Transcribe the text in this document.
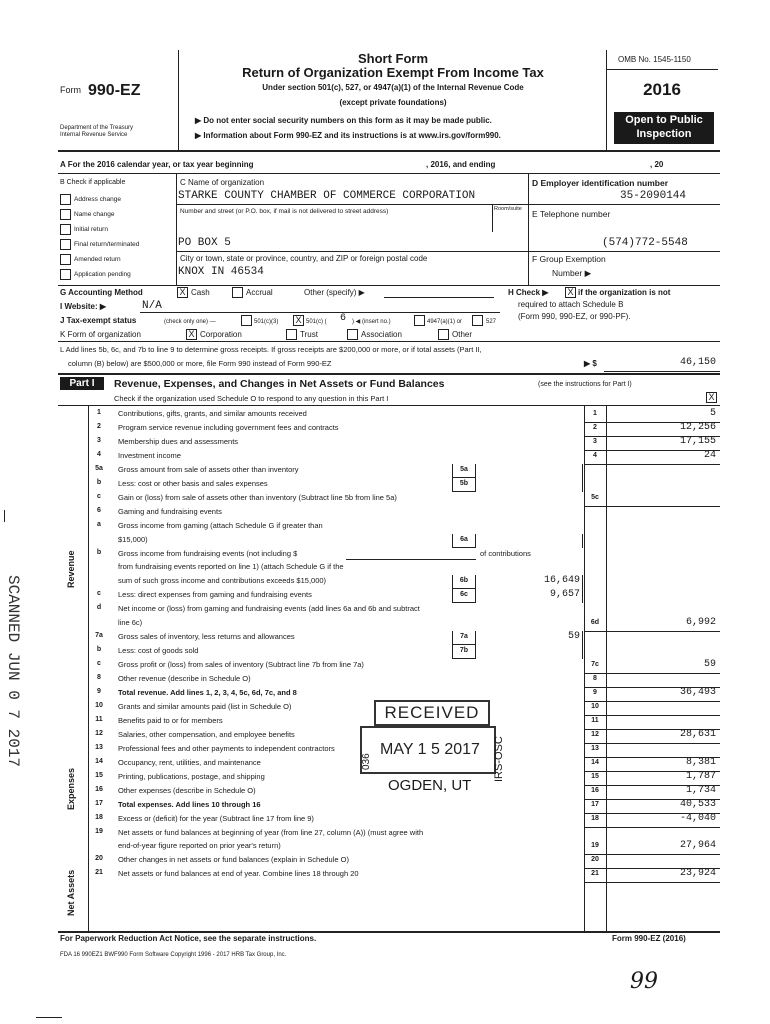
Form 990-EZ
Department of the Treasury
Internal Revenue Service
Short Form
Return of Organization Exempt From Income Tax
Under section 501(c), 527, or 4947(a)(1) of the Internal Revenue Code
(except private foundations)
▶ Do not enter social security numbers on this form as it may be made public.
▶ Information about Form 990-EZ and its instructions is at www.irs.gov/form990.
OMB No. 1545-1150
2016
Open to Public
Inspection
A For the 2016 calendar year, or tax year beginning	, 2016, and ending	, 20
B Check if applicable
Address change
Name change
Initial return
Final return/terminated
Amended return
Application pending
C Name of organization
STARKE COUNTY CHAMBER OF COMMERCE CORPORATION
Number and street (or P.O. box, if mail is not delivered to street address)	Room/suite
PO BOX 5
City or town, state or province, country, and ZIP or foreign postal code
KNOX IN 46534
D Employer identification number
35-2090144
E Telephone number
(574)772-5548
F Group Exemption
Number ▶
G Accounting Method	X Cash	Accrual	Other (specify) ▶	H Check ▶ X if the organization is not
required to attach Schedule B
(Form 990, 990-EZ, or 990-PF).
I Website: ▶	N/A
J Tax-exempt status	(check only one) —	501(c)(3) X 501(c) ( 6 ) ◀ (insert no.)	4947(a)(1) or	527
K Form of organization	X Corporation	Trust	Association	Other
L Add lines 5b, 6c, and 7b to line 9 to determine gross receipts. If gross receipts are $200,000 or more, or if total assets (Part II,
column (B) below) are $500,000 or more, file Form 990 instead of Form 990-EZ	▶ $	46,150
Part I	Revenue, Expenses, and Changes in Net Assets or Fund Balances	(see the instructions for Part I)
Check if the organization used Schedule O to respond to any question in this Part I	X
Revenue
Expenses
Net Assets
1	Contributions, gifts, grants, and similar amounts received	1	5
2	Program service revenue including government fees and contracts	2	12,256
3	Membership dues and assessments	3	17,155
4	Investment income	4	24
5a	Gross amount from sale of assets other than inventory	5a
b	Less: cost or other basis and sales expenses	5b
c	Gain or (loss) from sale of assets other than inventory (Subtract line 5b from line 5a)	5c
6	Gaming and fundraising events
a	Gross income from gaming (attach Schedule G if greater than
$15,000)	6a
b	Gross income from fundraising events (not including $	of contributions
from fundraising events reported on line 1) (attach Schedule G if the
sum of such gross income and contributions exceeds $15,000)	6b	16,649
c	Less: direct expenses from gaming and fundraising events	6c	9,657
d	Net income or (loss) from gaming and fundraising events (add lines 6a and 6b and subtract
line 6c)	6d	6,992
7a	Gross sales of inventory, less returns and allowances	7a	59
b	Less: cost of goods sold	7b
c	Gross profit or (loss) from sales of inventory (Subtract line 7b from line 7a)	7c	59
8	Other revenue (describe in Schedule O)	8
9	Total revenue. Add lines 1, 2, 3, 4, 5c, 6d, 7c, and 8	9	36,493
10	Grants and similar amounts paid (list in Schedule O)	10
11	Benefits paid to or for members	11
12	Salaries, other compensation, and employee benefits	12	28,631
13	Professional fees and other payments to independent contractors	13
14	Occupancy, rent, utilities, and maintenance	14	8,381
15	Printing, publications, postage, and shipping	15	1,787
16	Other expenses (describe in Schedule O)	16	1,734
17	Total expenses. Add lines 10 through 16	17	40,533
18	Excess or (deficit) for the year (Subtract line 17 from line 9)	18	-4,040
19	Net assets or fund balances at beginning of year (from line 27, column (A)) (must agree with
end-of-year figure reported on prior year's return)	19	27,964
20	Other changes in net assets or fund balances (explain in Schedule O)	20
21	Net assets or fund balances at end of year. Combine lines 18 through 20	21	23,924
For Paperwork Reduction Act Notice, see the separate instructions.	Form 990-EZ (2016)
FDA 16 990EZ1 BWF990 Form Software Copyright 1996 - 2017 HRB Tax Group, Inc.
99
RECEIVED
MAY 1 5 2017
036	IRS-OSC
OGDEN, UT
SCANNED JUN 0 7 2017
